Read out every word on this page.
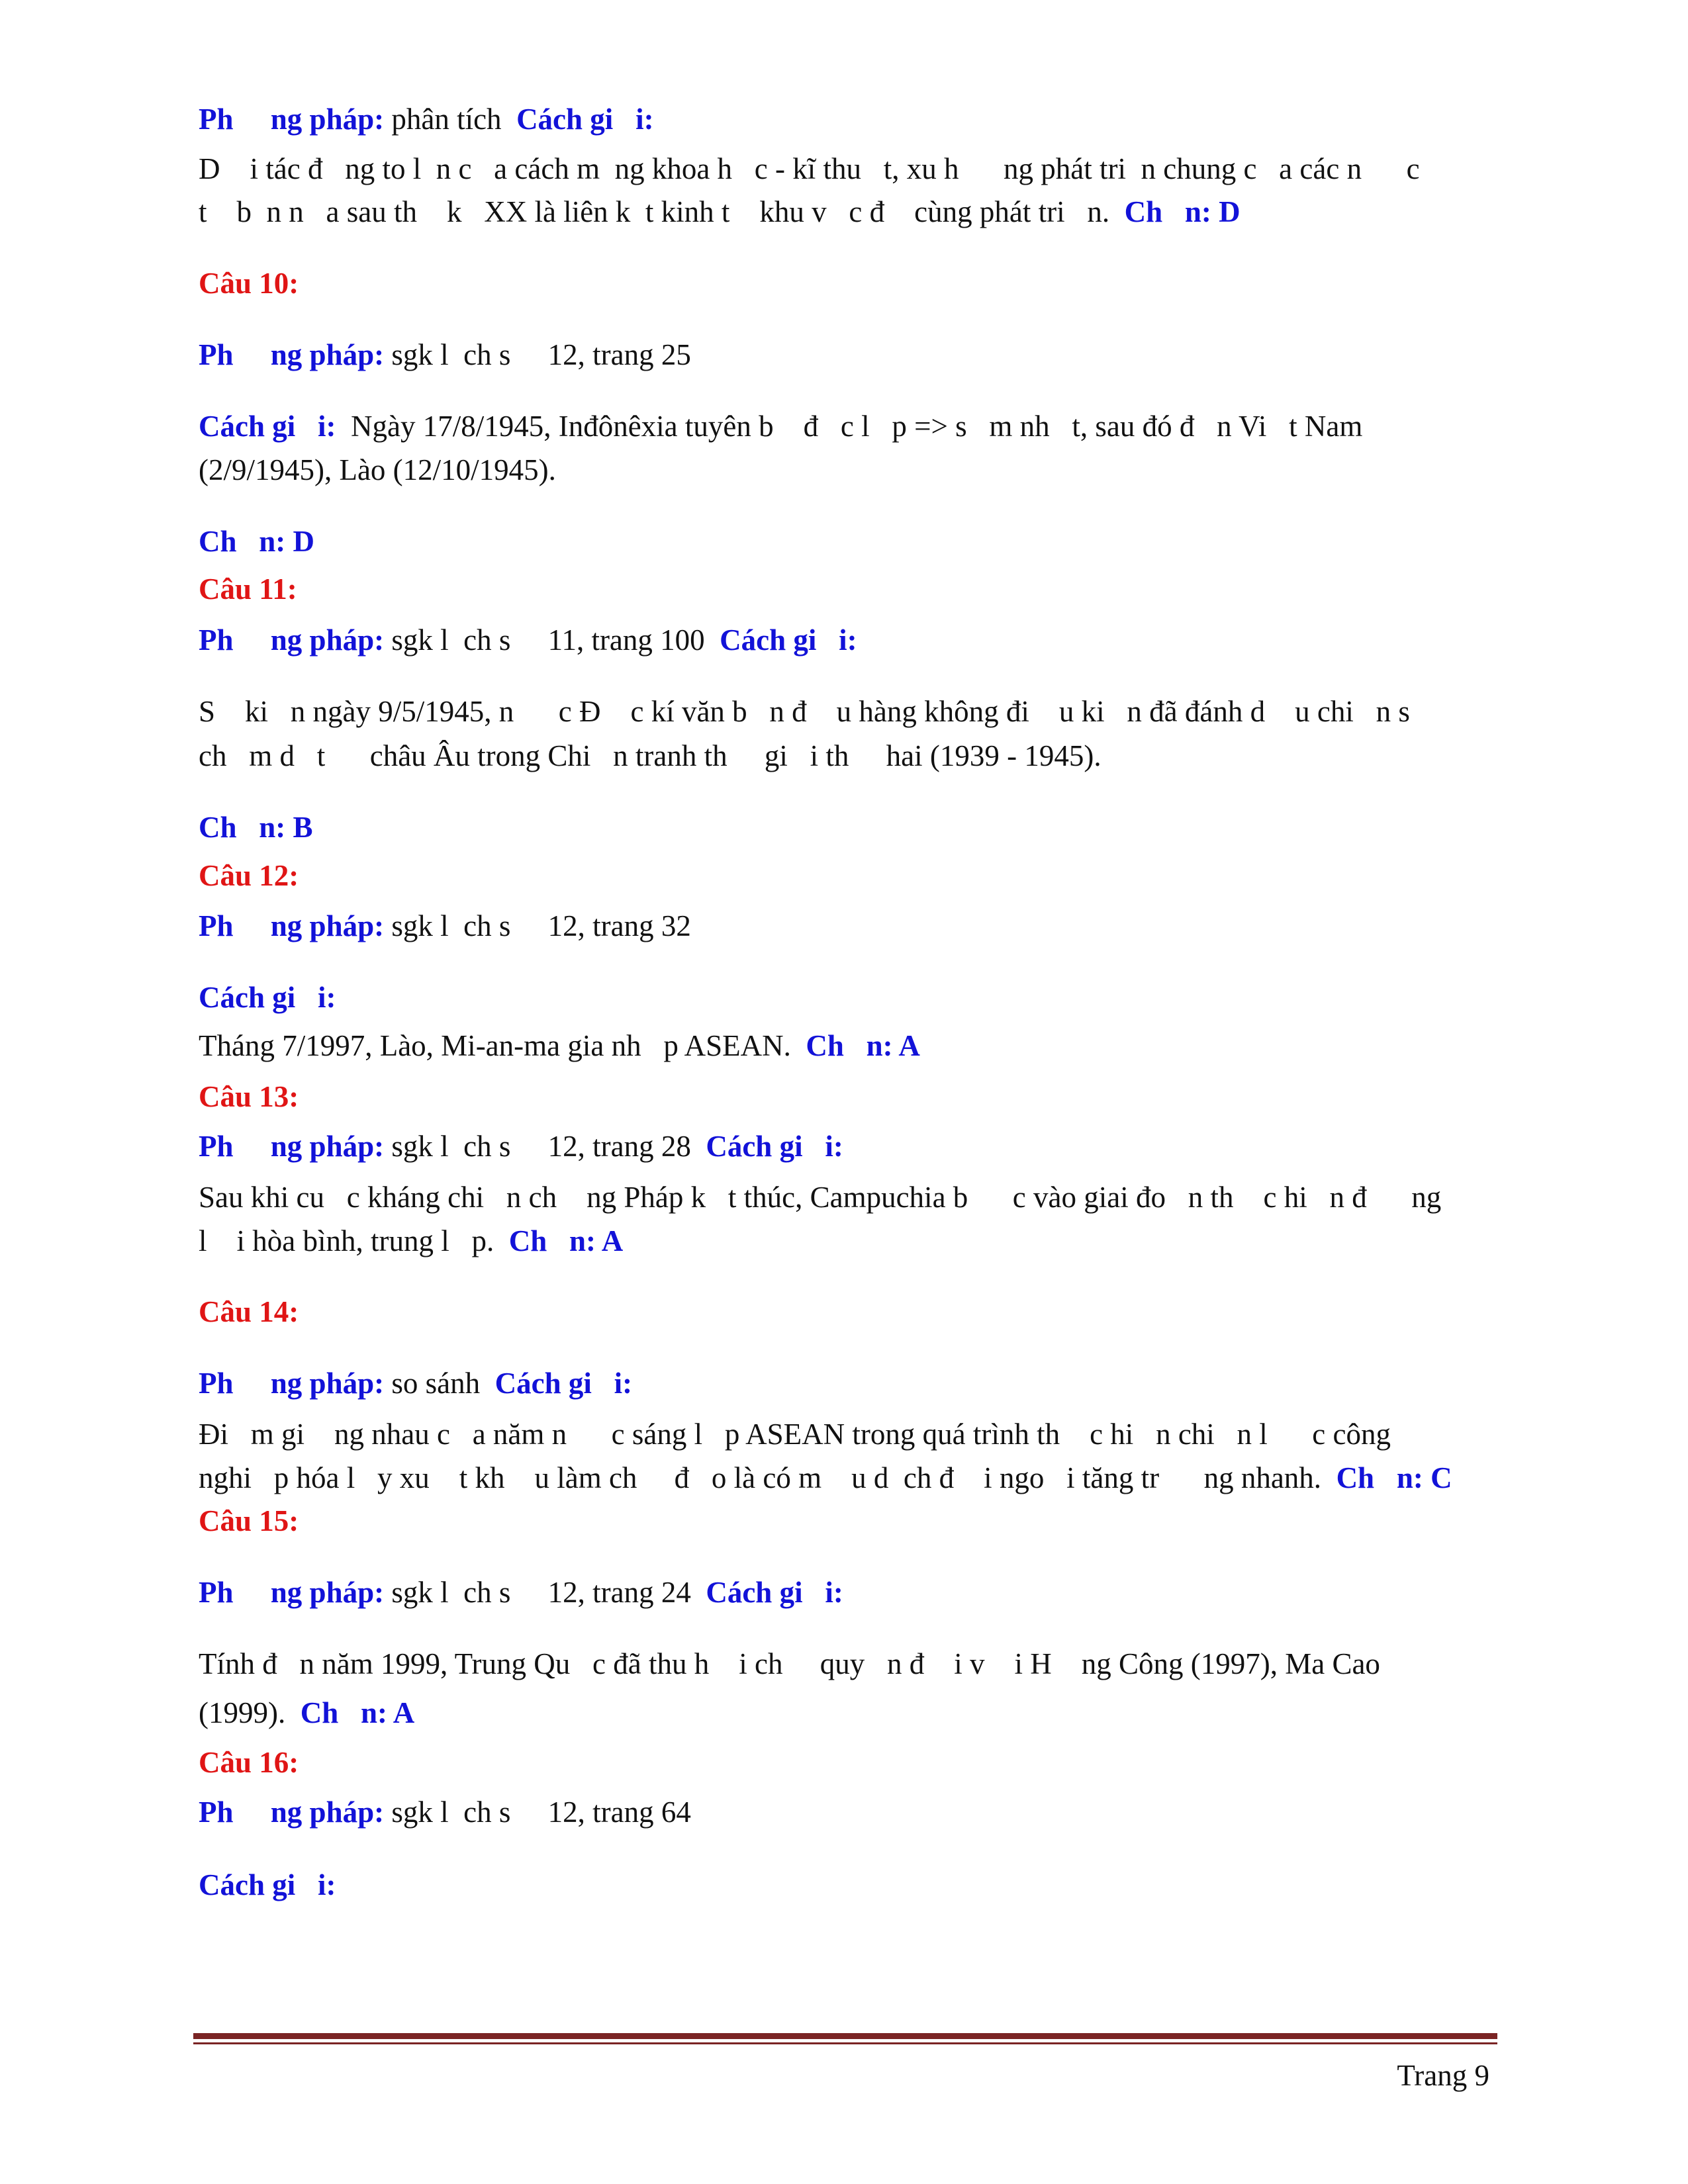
Ph     ng pháp: phân tích  Cách gi   i:
D    i tác đ   ng to l  n c   a cách m  ng khoa h   c - kĩ thu   t, xu h      ng phát tri  n chung c   a các n      c
t    b  n n   a sau th    k   XX là liên k  t kinh t    khu v   c đ    cùng phát tri   n.  Ch   n: D
Câu 10:
Ph     ng pháp: sgk l  ch s     12, trang 25
Cách gi   i:  Ngày 17/8/1945, Inđônêxia tuyên b    đ   c l   p => s   m nh   t, sau đó đ   n Vi   t Nam
(2/9/1945), Lào (12/10/1945).
Ch   n: D
Câu 11:
Ph     ng pháp: sgk l  ch s     11, trang 100  Cách gi   i:
S    ki   n ngày 9/5/1945, n      c Đ    c kí văn b   n đ    u hàng không đi    u ki   n đã đánh d    u chi   n s
ch   m d   t      châu Âu trong Chi   n tranh th     gi   i th     hai (1939 - 1945).
Ch   n: B
Câu 12:
Ph     ng pháp: sgk l  ch s     12, trang 32
Cách gi   i:
Tháng 7/1997, Lào, Mi-an-ma gia nh   p ASEAN.  Ch   n: A
Câu 13:
Ph     ng pháp: sgk l  ch s     12, trang 28  Cách gi   i:
Sau khi cu   c kháng chi   n ch    ng Pháp k   t thúc, Campuchia b      c vào giai đo   n th    c hi   n đ      ng
l    i hòa bình, trung l   p.  Ch   n: A
Câu 14:
Ph     ng pháp: so sánh  Cách gi   i:
Đi   m gi    ng nhau c   a năm n      c sáng l   p ASEAN trong quá trình th    c hi   n chi   n l      c công
nghi   p hóa l   y xu    t kh    u làm ch     đ   o là có m    u d  ch đ    i ngo   i tăng tr      ng nhanh.  Ch   n: C
Câu 15:
Ph     ng pháp: sgk l  ch s     12, trang 24  Cách gi   i:
Tính đ   n năm 1999, Trung Qu   c đã thu h    i ch     quy   n đ    i v    i H    ng Công (1997), Ma Cao
(1999).  Ch   n: A
Câu 16:
Ph     ng pháp: sgk l  ch s     12, trang 64
Cách gi   i:
Trang 9
